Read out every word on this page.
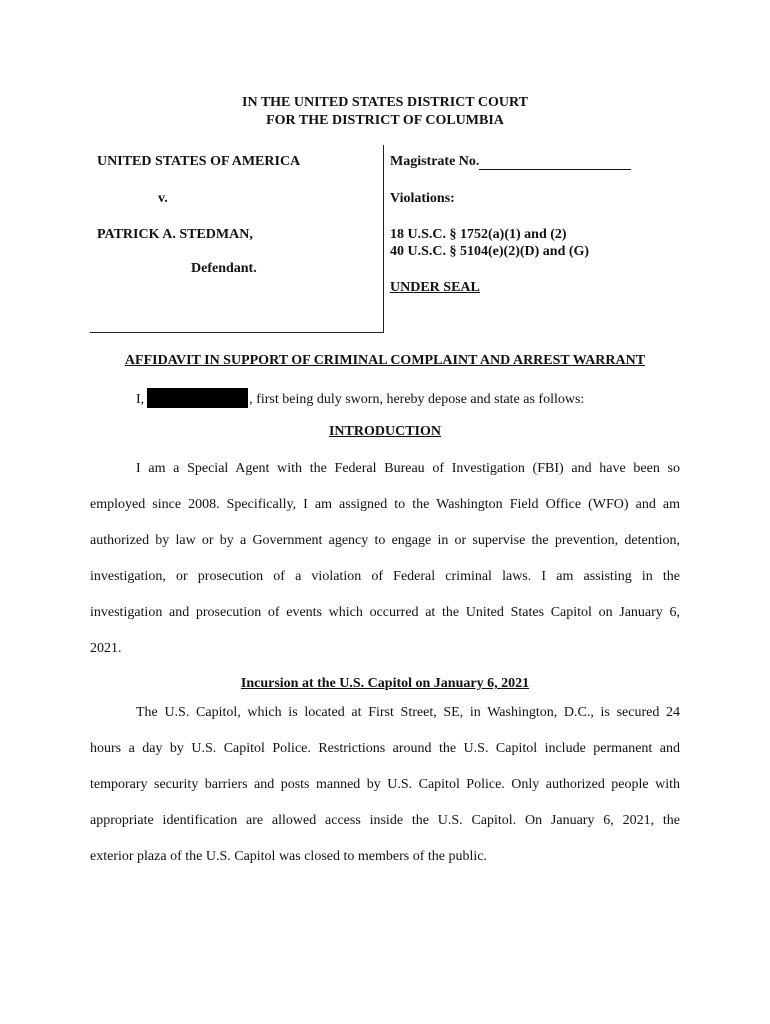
IN THE UNITED STATES DISTRICT COURT
FOR THE DISTRICT OF COLUMBIA
UNITED STATES OF AMERICA
v.
PATRICK A. STEDMAN,
Defendant.
Magistrate No.
Violations:
18 U.S.C. § 1752(a)(1) and (2)
40 U.S.C. § 5104(e)(2)(D) and (G)
UNDER SEAL
AFFIDAVIT IN SUPPORT OF CRIMINAL COMPLAINT AND ARREST WARRANT
I,	, first being duly sworn, hereby depose and state as follows:
INTRODUCTION
I am a Special Agent with the Federal Bureau of Investigation (FBI) and have been so
employed since 2008. Specifically, I am assigned to the Washington Field Office (WFO) and am
authorized by law or by a Government agency to engage in or supervise the prevention, detention,
investigation, or prosecution of a violation of Federal criminal laws. I am assisting in the
investigation and prosecution of events which occurred at the United States Capitol on January 6,
2021.
Incursion at the U.S. Capitol on January 6, 2021
The U.S. Capitol, which is located at First Street, SE, in Washington, D.C., is secured 24
hours a day by U.S. Capitol Police. Restrictions around the U.S. Capitol include permanent and
temporary security barriers and posts manned by U.S. Capitol Police. Only authorized people with
appropriate identification are allowed access inside the U.S. Capitol. On January 6, 2021, the
exterior plaza of the U.S. Capitol was closed to members of the public.
